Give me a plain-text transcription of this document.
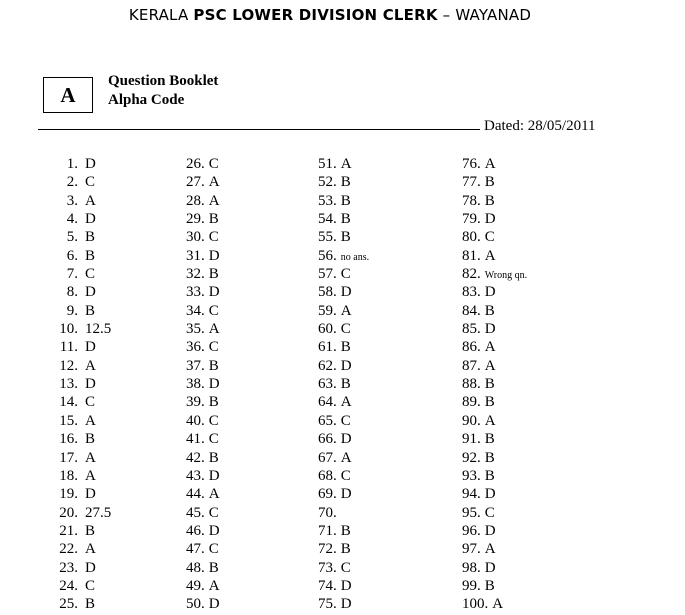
KERALA PSC LOWER DIVISION CLERK – WAYANAD
A
Question Booklet
Alpha Code
Dated: 28/05/2011
1. D
2. C
3. A
4. D
5. B
6. B
7. C
8. D
9. B
10. 12.5
11. D
12. A
13. D
14. C
15. A
16. B
17. A
18. A
19. D
20. 27.5
21. B
22. A
23. D
24. C
25. B
26. C
27. A
28. A
29. B
30. C
31. D
32. B
33. D
34. C
35. A
36. C
37. B
38. D
39. B
40. C
41. C
42. B
43. D
44. A
45. C
46. D
47. C
48. B
49. A
50. D
51. A
52. B
53. B
54. B
55. B
56. no ans.
57. C
58. D
59. A
60. C
61. B
62. D
63. B
64. A
65. C
66. D
67. A
68. C
69. D
70.
71. B
72. B
73. C
74. D
75. D
76. A
77. B
78. B
79. D
80. C
81. A
82. Wrong qn.
83. D
84. B
85. D
86. A
87. A
88. B
89. B
90. A
91. B
92. B
93. B
94. D
95. C
96. D
97. A
98. D
99. B
100. A
